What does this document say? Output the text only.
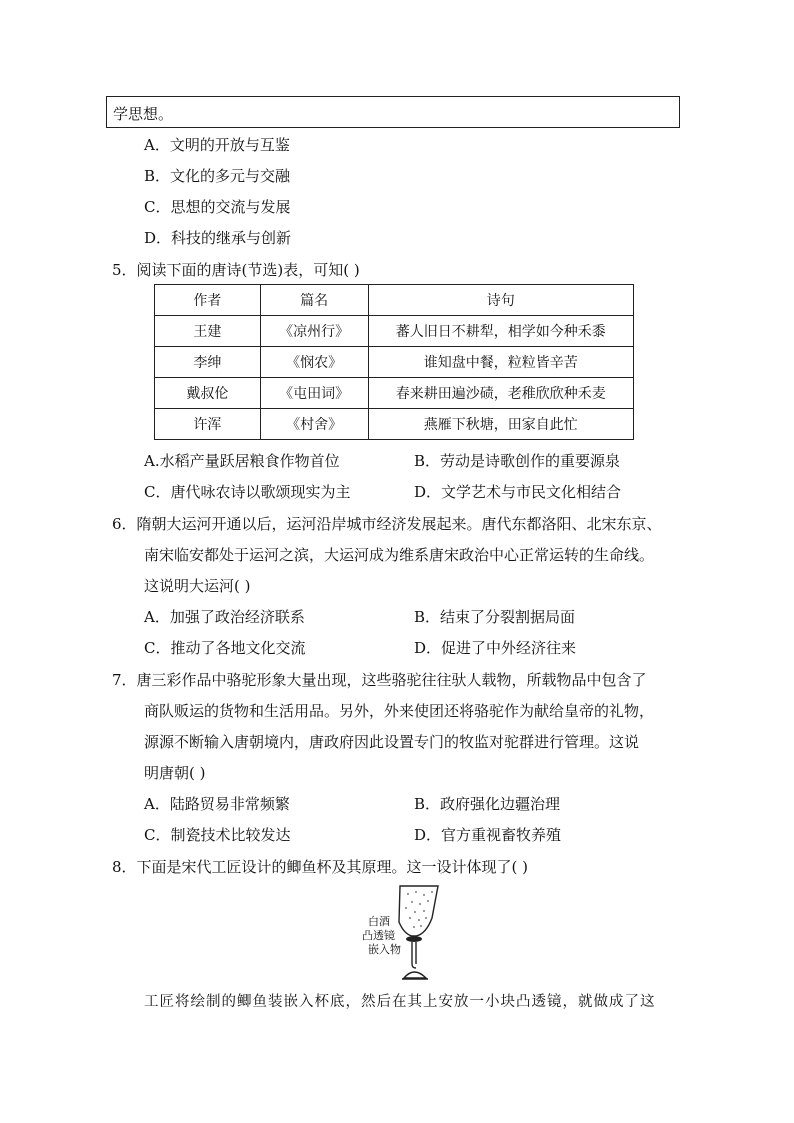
学思想。
A．文明的开放与互鉴
B．文化的多元与交融
C．思想的交流与发展
D．科技的继承与创新
5．阅读下面的唐诗(节选)表，可知( )
作者	篇名	诗句
王建	《凉州行》	蕃人旧日不耕犁，相学如今种禾黍
李绅	《悯农》	谁知盘中餐，粒粒皆辛苦
戴叔伦	《屯田词》	春来耕田遍沙碛，老稚欣欣种禾麦
许浑	《村舍》	燕雁下秋塘，田家自此忙
A.水稻产量跃居粮食作物首位	B．劳动是诗歌创作的重要源泉
C．唐代咏农诗以歌颂现实为主	D．文学艺术与市民文化相结合
6．隋朝大运河开通以后，运河沿岸城市经济发展起来。唐代东都洛阳、北宋东京、
南宋临安都处于运河之滨，大运河成为维系唐宋政治中心正常运转的生命线。
这说明大运河( )
A．加强了政治经济联系	B．结束了分裂割据局面
C．推动了各地文化交流	D．促进了中外经济往来
7．唐三彩作品中骆驼形象大量出现，这些骆驼往往驮人载物，所载物品中包含了
商队贩运的货物和生活用品。另外，外来使团还将骆驼作为献给皇帝的礼物，
源源不断输入唐朝境内，唐政府因此设置专门的牧监对驼群进行管理。这说
明唐朝( )
A．陆路贸易非常频繁	B．政府强化边疆治理
C．制瓷技术比较发达	D．官方重视畜牧养殖
8．下面是宋代工匠设计的鲫鱼杯及其原理。这一设计体现了( )
白酒
凸透镜
嵌入物
工匠将绘制的鲫鱼装嵌入杯底，然后在其上安放一小块凸透镜，就做成了这
